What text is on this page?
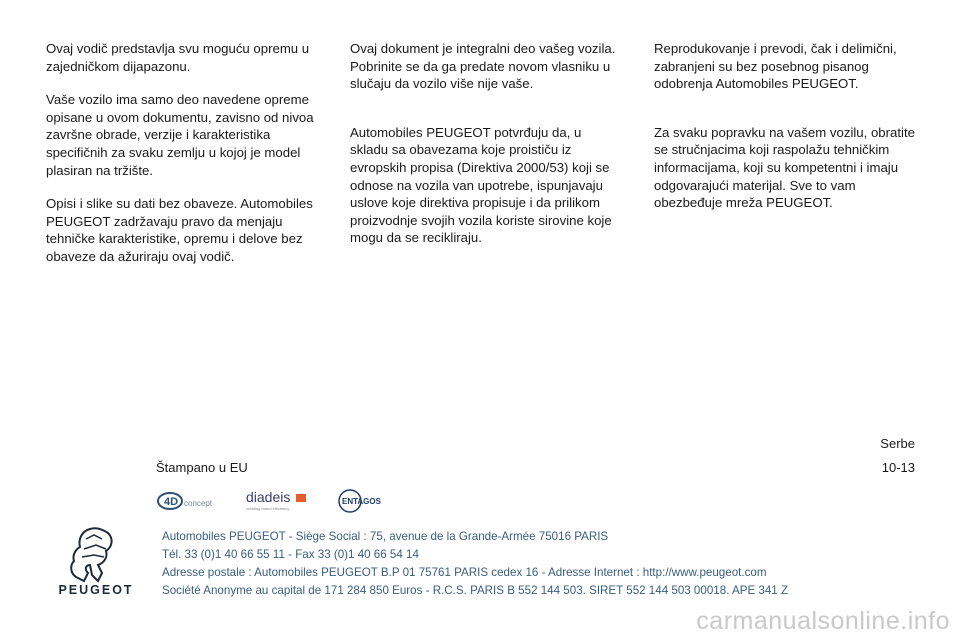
Ovaj vodič predstavlja svu moguću opremu u zajedničkom dijapazonu.

Vaše vozilo ima samo deo navedene opreme opisane u ovom dokumentu, zavisno od nivoa završne obrade, verzije i karakteristika specifičnih za svaku zemlju u kojoj je model plasiran na tržište.

Opisi i slike su dati bez obaveze. Automobiles PEUGEOT zadržavaju pravo da menjaju tehničke karakteristike, opremu i delove bez obaveze da ažuriraju ovaj vodič.

Ovaj dokument je integralni deo vašeg vozila. Pobrinite se da ga predate novom vlasniku u slučaju da vozilo više nije vaše.

Automobiles PEUGEOT potvrđuju da, u skladu sa obavezama koje proističu iz evropskih propisa (Direktiva 2000/53) koji se odnose na vozila van upotrebe, ispunjavaju uslove koje direktiva propisuje i da prilikom proizvodnje svojih vozila koriste sirovine koje mogu da se recikliraju.

Reprodukovanje i prevodi, čak i delimični, zabranjeni su bez posebnog pisanog odobrenja Automobiles PEUGEOT.

Za svaku popravku na vašem vozilu, obratite se stručnjacima koji raspolažu tehničkim informacijama, koji su kompetentni i imaju odgovarajući materijal. Sve to vam obezbeđuje mreža PEUGEOT.

Serbe
Štampano u EU	10-13
4D concept diadeis
creating brand efficiency
ENTAGOS
PEUGEOT
Automobiles PEUGEOT - Siège Social : 75, avenue de la Grande-Armée 75016 PARIS
Tél. 33 (0)1 40 66 55 11 - Fax 33 (0)1 40 66 54 14
Adresse postale : Automobiles PEUGEOT B.P 01 75761 PARIS cedex 16 - Adresse Internet : http://www.peugeot.com
Société Anonyme au capital de 171 284 850 Euros - R.C.S. PARIS B 552 144 503. SIRET 552 144 503 00018. APE 341 Z
carmanualsonline.info
